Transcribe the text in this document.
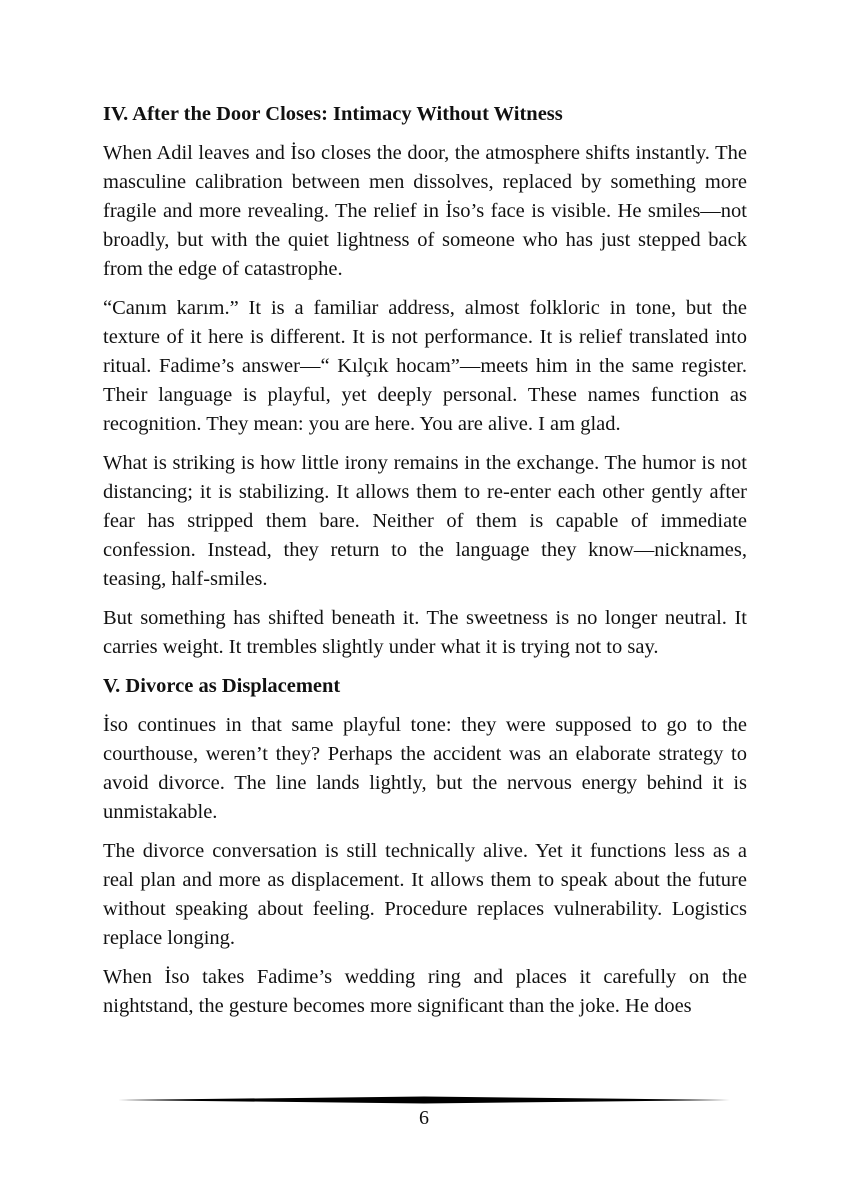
IV. After the Door Closes: Intimacy Without Witness

When Adil leaves and İso closes the door, the atmosphere shifts instantly. The masculine calibration between men dissolves, replaced by something more fragile and more revealing. The relief in İso’s face is visible. He smiles—not broadly, but with the quiet lightness of someone who has just stepped back from the edge of catastrophe.

“Canım karım.” It is a familiar address, almost folkloric in tone, but the texture of it here is different. It is not performance. It is relief translated into ritual. Fadime’s answer—“ Kılçık hocam”—meets him in the same register. Their language is playful, yet deeply personal. These names function as recognition. They mean: you are here. You are alive. I am glad.

What is striking is how little irony remains in the exchange. The humor is not distancing; it is stabilizing. It allows them to re-enter each other gently after fear has stripped them bare. Neither of them is capable of immediate confession. Instead, they return to the language they know—nicknames, teasing, half-smiles.

But something has shifted beneath it. The sweetness is no longer neutral. It carries weight. It trembles slightly under what it is trying not to say.

V. Divorce as Displacement

İso continues in that same playful tone: they were supposed to go to the courthouse, weren’t they? Perhaps the accident was an elaborate strategy to avoid divorce. The line lands lightly, but the nervous energy behind it is unmistakable.

The divorce conversation is still technically alive. Yet it functions less as a real plan and more as displacement. It allows them to speak about the future without speaking about feeling. Procedure replaces vulnerability. Logistics replace longing.

When İso takes Fadime’s wedding ring and places it carefully on the nightstand, the gesture becomes more significant than the joke. He does

6
